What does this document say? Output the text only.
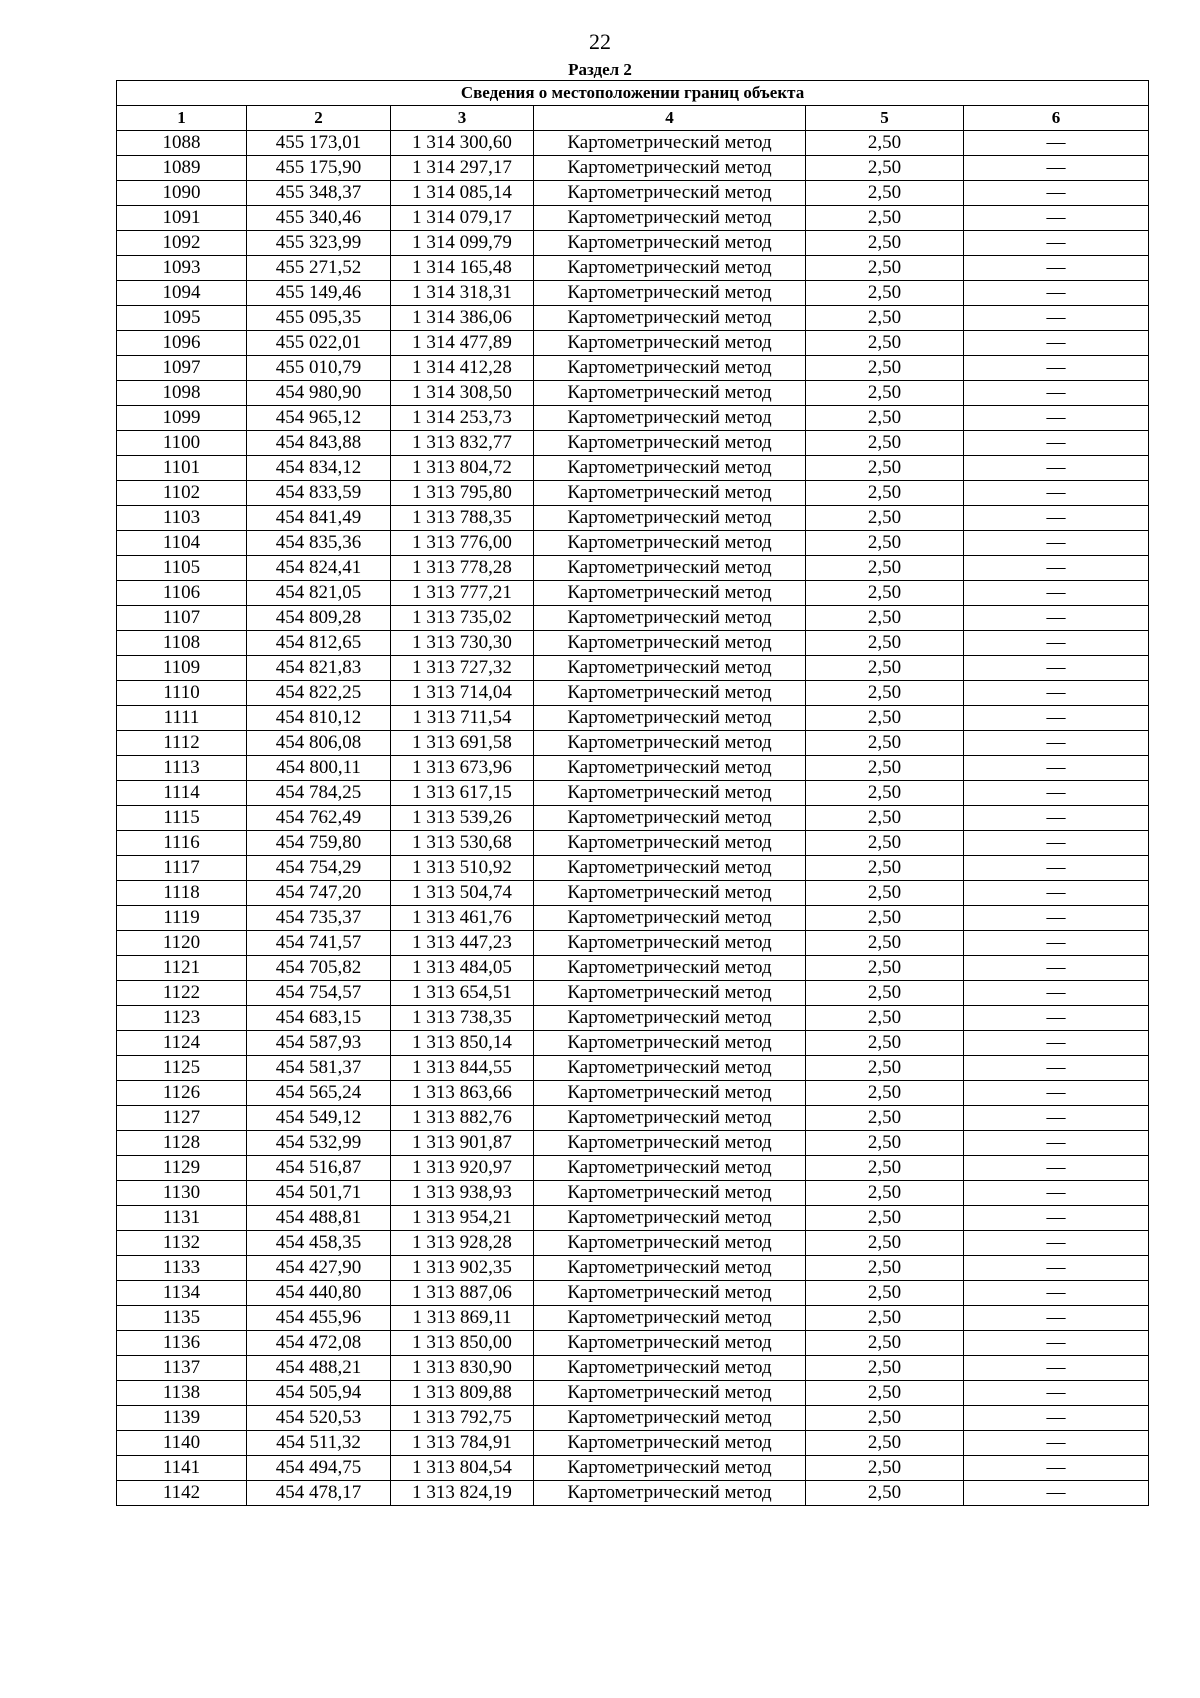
22
Раздел 2
Сведения о местоположении границ объекта					
1	2	3	4	5	6
1088	455 173,01	1 314 300,60	Картометрический метод	2,50	—
1089	455 175,90	1 314 297,17	Картометрический метод	2,50	—
1090	455 348,37	1 314 085,14	Картометрический метод	2,50	—
1091	455 340,46	1 314 079,17	Картометрический метод	2,50	—
1092	455 323,99	1 314 099,79	Картометрический метод	2,50	—
1093	455 271,52	1 314 165,48	Картометрический метод	2,50	—
1094	455 149,46	1 314 318,31	Картометрический метод	2,50	—
1095	455 095,35	1 314 386,06	Картометрический метод	2,50	—
1096	455 022,01	1 314 477,89	Картометрический метод	2,50	—
1097	455 010,79	1 314 412,28	Картометрический метод	2,50	—
1098	454 980,90	1 314 308,50	Картометрический метод	2,50	—
1099	454 965,12	1 314 253,73	Картометрический метод	2,50	—
1100	454 843,88	1 313 832,77	Картометрический метод	2,50	—
1101	454 834,12	1 313 804,72	Картометрический метод	2,50	—
1102	454 833,59	1 313 795,80	Картометрический метод	2,50	—
1103	454 841,49	1 313 788,35	Картометрический метод	2,50	—
1104	454 835,36	1 313 776,00	Картометрический метод	2,50	—
1105	454 824,41	1 313 778,28	Картометрический метод	2,50	—
1106	454 821,05	1 313 777,21	Картометрический метод	2,50	—
1107	454 809,28	1 313 735,02	Картометрический метод	2,50	—
1108	454 812,65	1 313 730,30	Картометрический метод	2,50	—
1109	454 821,83	1 313 727,32	Картометрический метод	2,50	—
1110	454 822,25	1 313 714,04	Картометрический метод	2,50	—
1111	454 810,12	1 313 711,54	Картометрический метод	2,50	—
1112	454 806,08	1 313 691,58	Картометрический метод	2,50	—
1113	454 800,11	1 313 673,96	Картометрический метод	2,50	—
1114	454 784,25	1 313 617,15	Картометрический метод	2,50	—
1115	454 762,49	1 313 539,26	Картометрический метод	2,50	—
1116	454 759,80	1 313 530,68	Картометрический метод	2,50	—
1117	454 754,29	1 313 510,92	Картометрический метод	2,50	—
1118	454 747,20	1 313 504,74	Картометрический метод	2,50	—
1119	454 735,37	1 313 461,76	Картометрический метод	2,50	—
1120	454 741,57	1 313 447,23	Картометрический метод	2,50	—
1121	454 705,82	1 313 484,05	Картометрический метод	2,50	—
1122	454 754,57	1 313 654,51	Картометрический метод	2,50	—
1123	454 683,15	1 313 738,35	Картометрический метод	2,50	—
1124	454 587,93	1 313 850,14	Картометрический метод	2,50	—
1125	454 581,37	1 313 844,55	Картометрический метод	2,50	—
1126	454 565,24	1 313 863,66	Картометрический метод	2,50	—
1127	454 549,12	1 313 882,76	Картометрический метод	2,50	—
1128	454 532,99	1 313 901,87	Картометрический метод	2,50	—
1129	454 516,87	1 313 920,97	Картометрический метод	2,50	—
1130	454 501,71	1 313 938,93	Картометрический метод	2,50	—
1131	454 488,81	1 313 954,21	Картометрический метод	2,50	—
1132	454 458,35	1 313 928,28	Картометрический метод	2,50	—
1133	454 427,90	1 313 902,35	Картометрический метод	2,50	—
1134	454 440,80	1 313 887,06	Картометрический метод	2,50	—
1135	454 455,96	1 313 869,11	Картометрический метод	2,50	—
1136	454 472,08	1 313 850,00	Картометрический метод	2,50	—
1137	454 488,21	1 313 830,90	Картометрический метод	2,50	—
1138	454 505,94	1 313 809,88	Картометрический метод	2,50	—
1139	454 520,53	1 313 792,75	Картометрический метод	2,50	—
1140	454 511,32	1 313 784,91	Картометрический метод	2,50	—
1141	454 494,75	1 313 804,54	Картометрический метод	2,50	—
1142	454 478,17	1 313 824,19	Картометрический метод	2,50	—
